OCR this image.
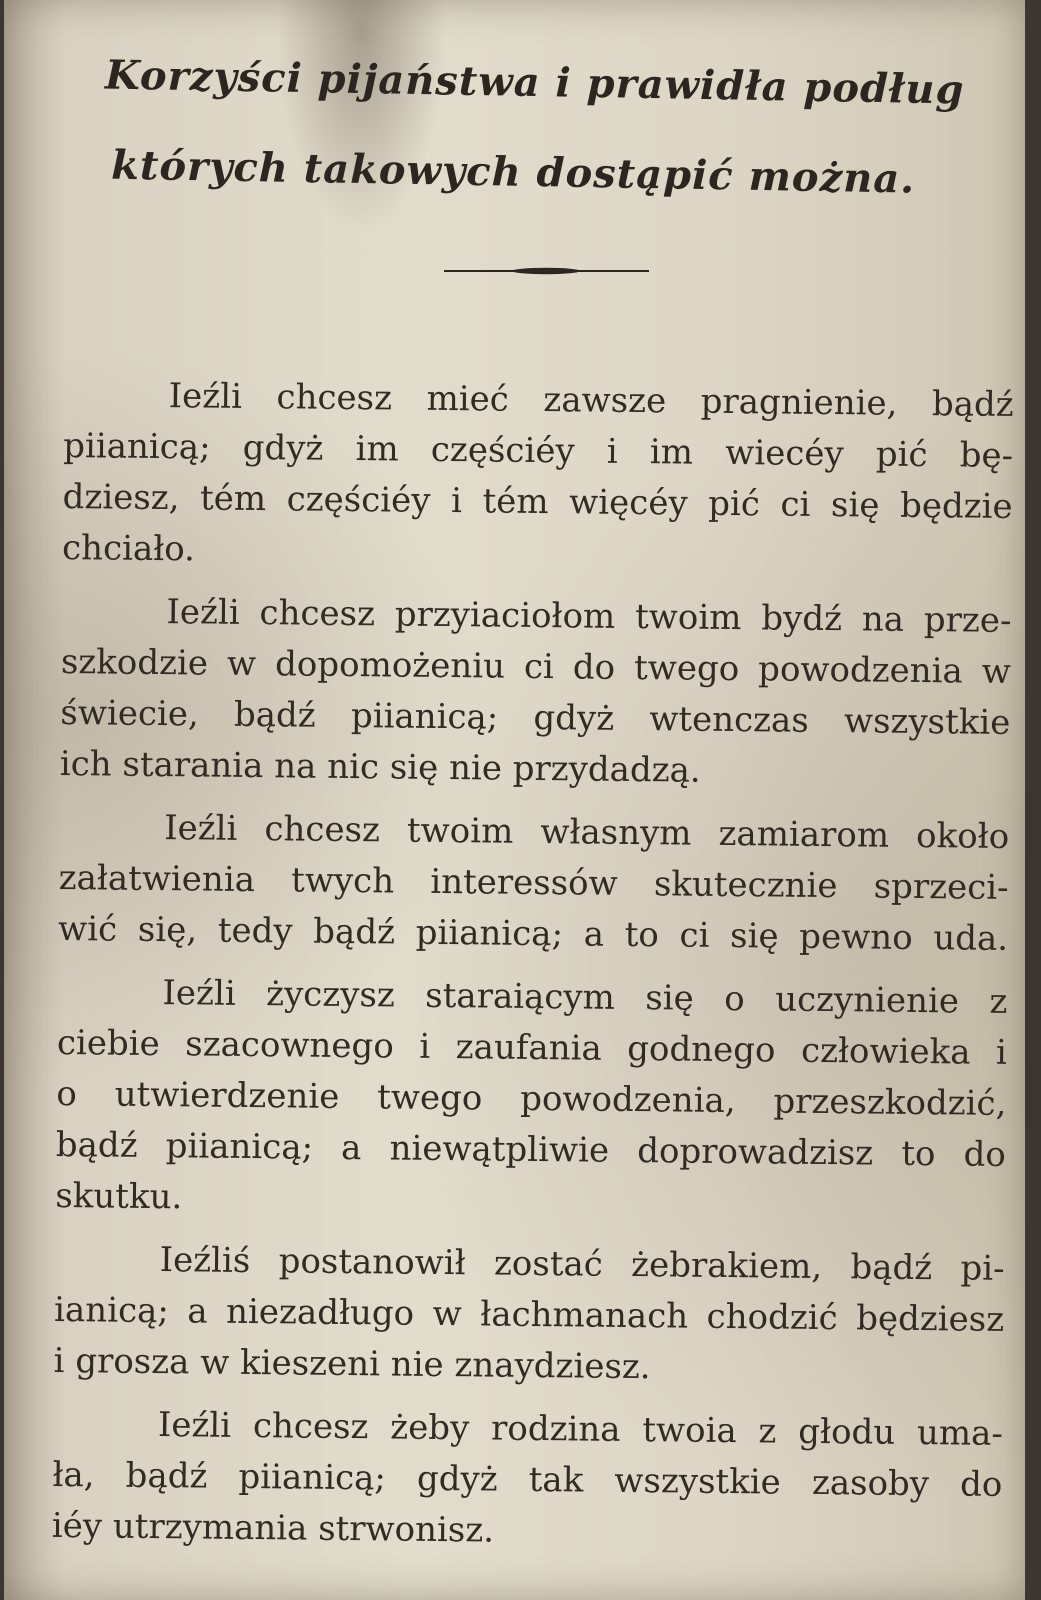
Korzyści pijaństwa i prawidła podług
których takowych dostąpić można.

Ieźli chcesz mieć zawsze pragnienie, bądź
piianicą; gdyż im częściéy i im wiecéy pić bę-
dziesz, tém częściéy i tém więcéy pić ci się będzie
chciało.

Ieźli chcesz przyiaciołom twoim bydź na prze-
szkodzie w dopomożeniu ci do twego powodzenia w
świecie, bądź piianicą; gdyż wtenczas wszystkie
ich starania na nic się nie przydadzą.

Ieźli chcesz twoim własnym zamiarom około
załatwienia twych interessów skutecznie sprzeci-
wić się, tedy bądź piianicą; a to ci się pewno uda.

Ieźli życzysz staraiącym się o uczynienie z
ciebie szacownego i zaufania godnego człowieka i
o utwierdzenie twego powodzenia, przeszkodzić,
bądź piianicą; a niewątpliwie doprowadzisz to do
skutku.

Ieźliś postanowił zostać żebrakiem, bądź pi-
ianicą; a niezadługo w łachmanach chodzić będziesz
i grosza w kieszeni nie znaydziesz.

Ieźli chcesz żeby rodzina twoia z głodu uma-
ła, bądź piianicą; gdyż tak wszystkie zasoby do
iéy utrzymania strwonisz.
